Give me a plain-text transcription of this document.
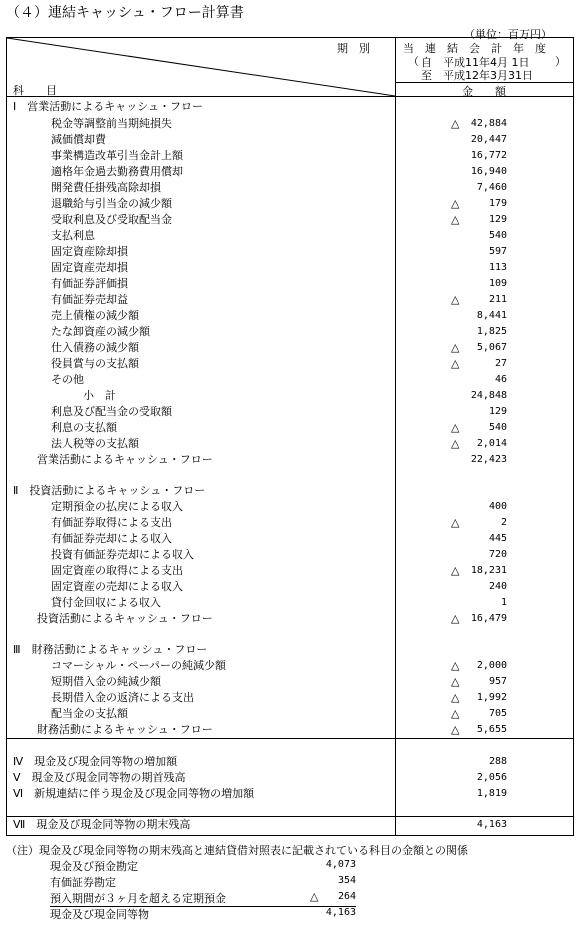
（４）連結キャッシュ・フロー計算書
（単位：百万円）
期　別
科　　目
当　連　結　会　計　年　度
（ 自　平成11年4月 1日
至　平成12年3月31日
）
金　　額
Ⅰ　営業活動によるキャッシュ・フロー
税金等調整前当期純損失	△ 42,884
減価償却費	20,447
事業構造改革引当金計上額	16,772
適格年金過去勤務費用償却	16,940
開発費任掛残高除却損	7,460
退職給与引当金の減少額	△	179
受取利息及び受取配当金	△	129
支払利息	540
固定資産除却損	597
固定資産売却損	113
有価証券評価損	109
有価証券売却益	△	211
売上債権の減少額	8,441
たな卸資産の減少額	1,825
仕入債務の減少額	△ 5,067
役員賞与の支払額	△	27
その他	46
小　計	24,848
利息及び配当金の受取額	129
利息の支払額	△	540
法人税等の支払額	△ 2,014
営業活動によるキャッシュ・フロー	22,423
Ⅱ　投資活動によるキャッシュ・フロー
定期預金の払戻による収入	400
有価証券取得による支出	△	2
有価証券売却による収入	445
投資有価証券売却による収入	720
固定資産の取得による支出	△ 18,231
固定資産の売却による収入	240
貸付金回収による収入	1
投資活動によるキャッシュ・フロー	△ 16,479
Ⅲ　財務活動によるキャッシュ・フロー
コマーシャル・ペーパーの純減少額	△ 2,000
短期借入金の純減少額	△	957
長期借入金の返済による支出	△ 1,992
配当金の支払額	△	705
財務活動によるキャッシュ・フロー	△ 5,655
Ⅳ　現金及び現金同等物の増加額	288
Ⅴ　現金及び現金同等物の期首残高	2,056
Ⅵ　新規連結に伴う現金及び現金同等物の増加額	1,819
Ⅶ　現金及び現金同等物の期末残高	4,163
（注）現金及び現金同等物の期末残高と連結貸借対照表に記載されている科目の金額との関係
現金及び預金勘定	4,073
有価証券勘定	354
預入期間が３ヶ月を超える定期預金	△	264
現金及び現金同等物	4,163
